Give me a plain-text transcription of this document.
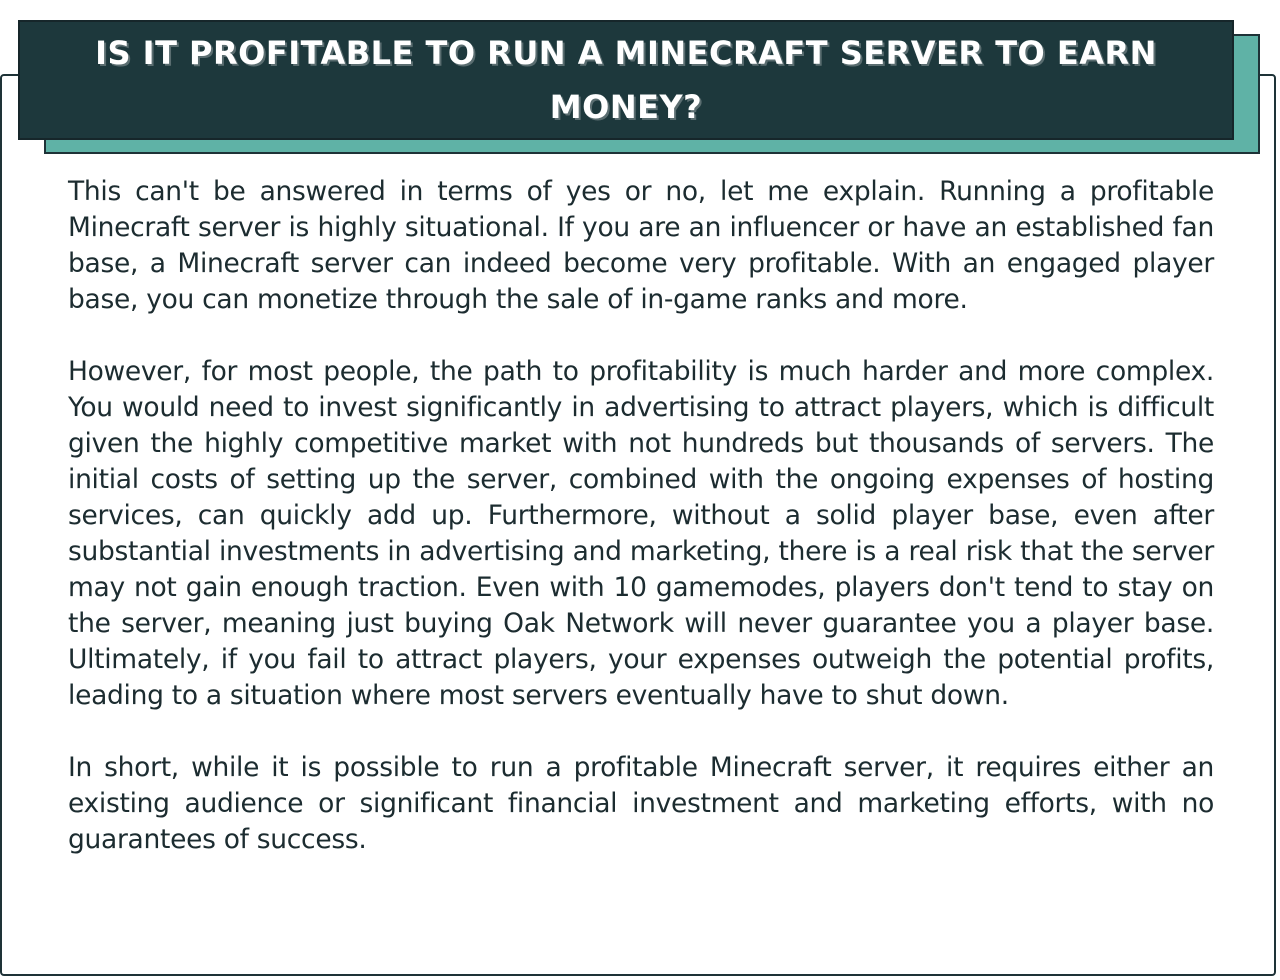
IS IT PROFITABLE TO RUN A MINECRAFT SERVER TO EARN MONEY?

This can't be answered in terms of yes or no, let me explain. Running a profitable Minecraft server is highly situational. If you are an influencer or have an established fan base, a Minecraft server can indeed become very profitable. With an engaged player base, you can monetize through the sale of in-game ranks and more.

However, for most people, the path to profitability is much harder and more complex. You would need to invest significantly in advertising to attract players, which is difficult given the highly competitive market with not hundreds but thousands of servers. The initial costs of setting up the server, combined with the ongoing expenses of hosting services, can quickly add up. Furthermore, without a solid player base, even after substantial investments in advertising and marketing, there is a real risk that the server may not gain enough traction. Even with 10 gamemodes, players don't tend to stay on the server, meaning just buying Oak Network will never guarantee you a player base. Ultimately, if you fail to attract players, your expenses outweigh the potential profits, leading to a situation where most servers eventually have to shut down.

In short, while it is possible to run a profitable Minecraft server, it requires either an existing audience or significant financial investment and marketing efforts, with no guarantees of success.
